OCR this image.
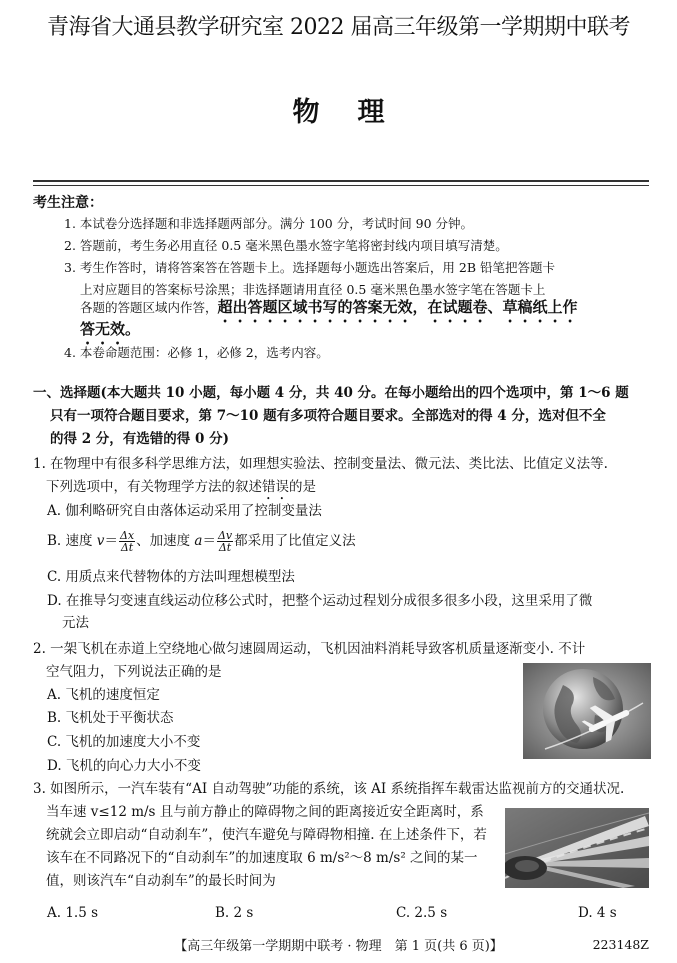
青海省大通县教学研究室 2022 届高三年级第一学期期中联考
物理
考生注意：
1. 本试卷分选择题和非选择题两部分。满分 100 分，考试时间 90 分钟。
2. 答题前，考生务必用直径 0.5 毫米黑色墨水签字笔将密封线内项目填写清楚。
3. 考生作答时，请将答案答在答题卡上。选择题每小题选出答案后，用 2B 铅笔把答题卡
上对应题目的答案标号涂黑；非选择题请用直径 0.5 毫米黑色墨水签字笔在答题卡上
各题的答题区域内作答，超出答题区域书写的答案无效，在试题卷、草稿纸上作
答无效。
4. 本卷命题范围：必修 1，必修 2，选考内容。
一、选择题(本大题共 10 小题，每小题 4 分，共 40 分。在每小题给出的四个选项中，第 1～6 题
只有一项符合题目要求，第 7～10 题有多项符合题目要求。全部选对的得 4 分，选对但不全
的得 2 分，有选错的得 0 分)
1. 在物理中有很多科学思维方法，如理想实验法、控制变量法、微元法、类比法、比值定义法等.
下列选项中，有关物理学方法的叙述错误的是
A. 伽利略研究自由落体运动采用了控制变量法
B. 速度 $v= \frac{\Delta x}{\Delta t}$ 、加速度 $a= \frac{\Delta v}{\Delta t}$ 都采用了比值定义法
C. 用质点来代替物体的方法叫理想模型法
D. 在推导匀变速直线运动位移公式时，把整个运动过程划分成很多很多小段，这里采用了微
元法
2. 一架飞机在赤道上空绕地心做匀速圆周运动，飞机因油料消耗导致客机质量逐渐变小. 不计
空气阻力，下列说法正确的是
A. 飞机的速度恒定
B. 飞机处于平衡状态
C. 飞机的加速度大小不变
D. 飞机的向心力大小不变
3. 如图所示，一汽车装有“AI 自动驾驶”功能的系统，该 AI 系统指挥车载雷达监视前方的交通状况.
当车速 v≤12 m/s 且与前方静止的障碍物之间的距离接近安全距离时，系
统就会立即启动“自动刹车”，使汽车避免与障碍物相撞. 在上述条件下，若
该车在不同路况下的“自动刹车”的加速度取 6 m/s²～8 m/s² 之间的某一
值，则该汽车“自动刹车”的最长时间为
A. 1.5 s	B. 2 s	C. 2.5 s	D. 4 s
【高三年级第一学期期中联考 · 物理　第 1 页(共 6 页)】	223148Z
